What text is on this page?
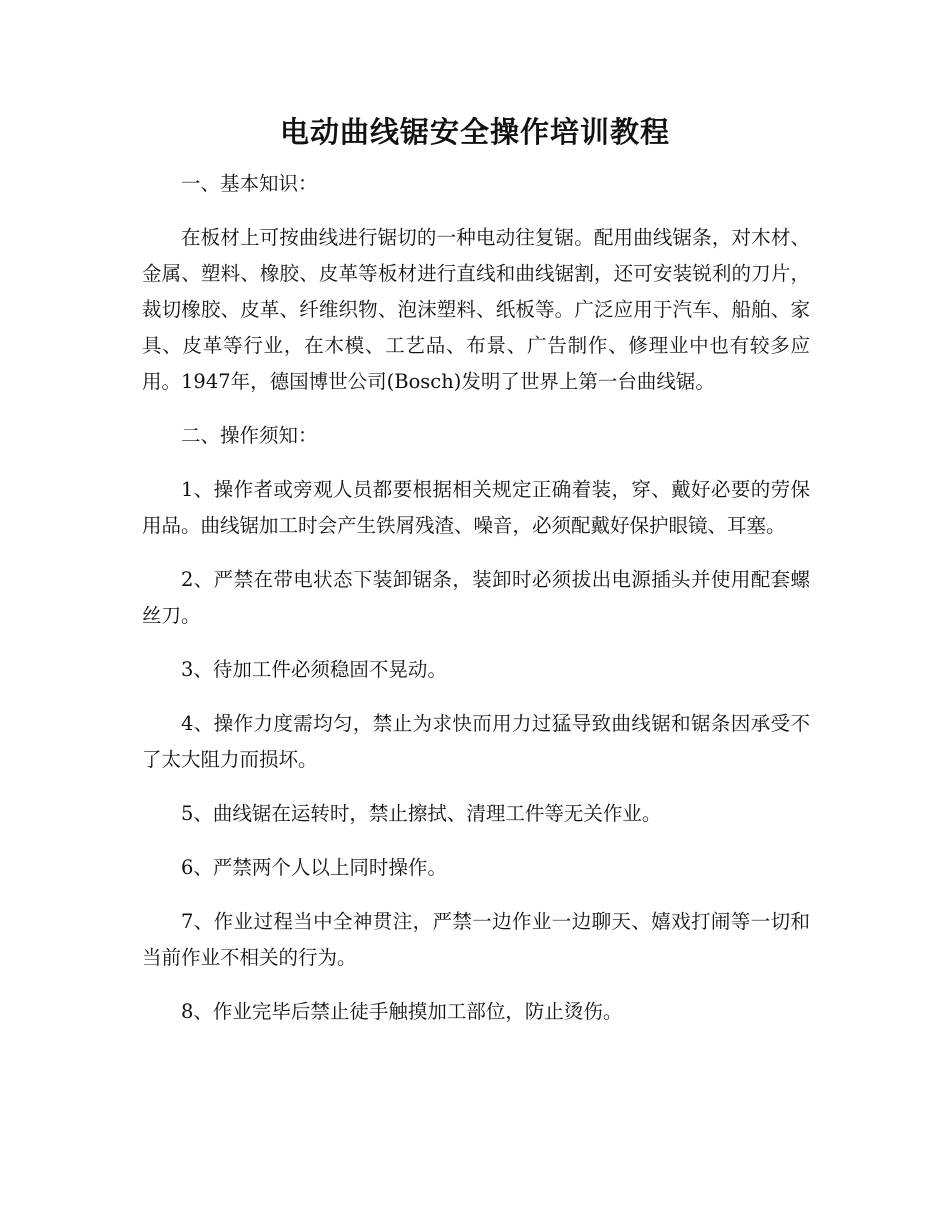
电动曲线锯安全操作培训教程

一、基本知识：

在板材上可按曲线进行锯切的一种电动往复锯。配用曲线锯条，对木材、金属、塑料、橡胶、皮革等板材进行直线和曲线锯割，还可安装锐利的刀片，裁切橡胶、皮革、纤维织物、泡沫塑料、纸板等。广泛应用于汽车、船舶、家具、皮革等行业，在木模、工艺品、布景、广告制作、修理业中也有较多应用。1947年，德国博世公司(Bosch)发明了世界上第一台曲线锯。

二、操作须知：

1、操作者或旁观人员都要根据相关规定正确着装，穿、戴好必要的劳保用品。曲线锯加工时会产生铁屑残渣、噪音，必须配戴好保护眼镜、耳塞。

2、严禁在带电状态下装卸锯条，装卸时必须拔出电源插头并使用配套螺丝刀。

3、待加工件必须稳固不晃动。

4、操作力度需均匀，禁止为求快而用力过猛导致曲线锯和锯条因承受不了太大阻力而损坏。

5、曲线锯在运转时，禁止擦拭、清理工件等无关作业。

6、严禁两个人以上同时操作。

7、作业过程当中全神贯注，严禁一边作业一边聊天、嬉戏打闹等一切和当前作业不相关的行为。

8、作业完毕后禁止徒手触摸加工部位，防止烫伤。
